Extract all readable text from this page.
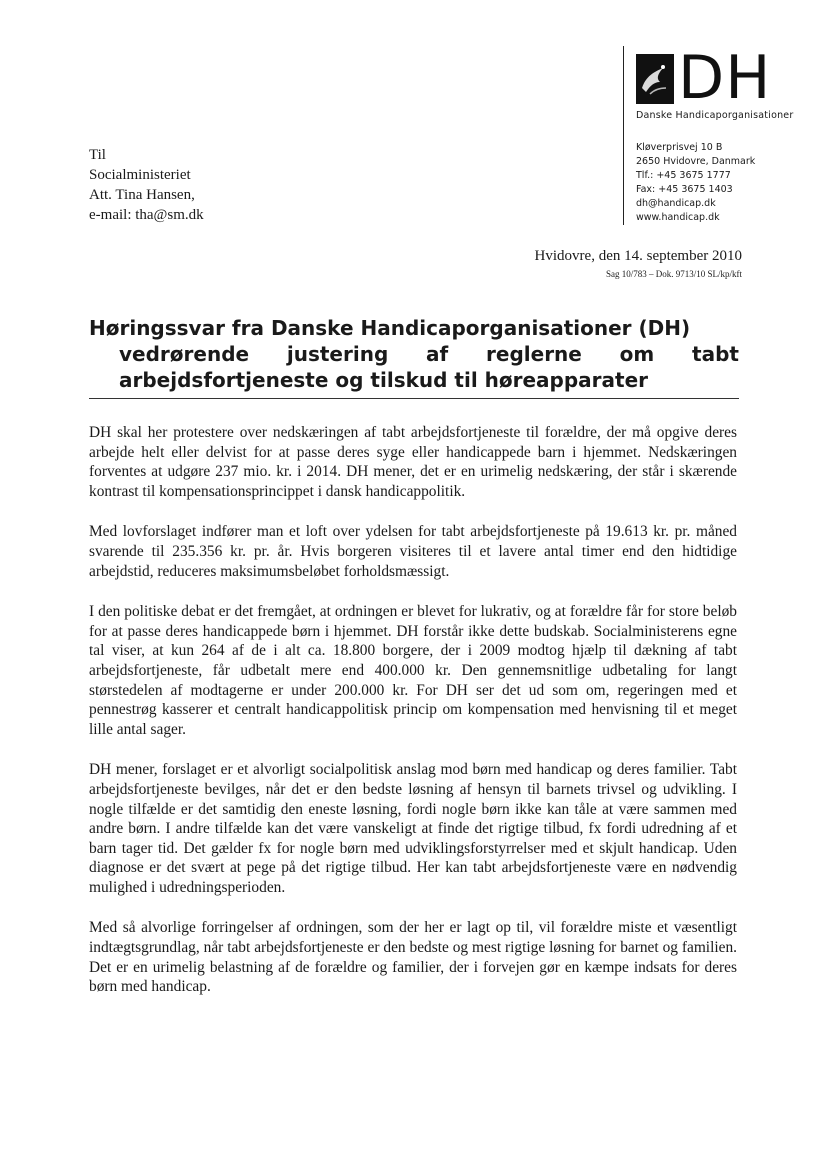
DH
Danske Handicaporganisationer
Kløverprisvej 10 B
2650 Hvidovre, Danmark
Tlf.: +45 3675 1777
Fax: +45 3675 1403
dh@handicap.dk
www.handicap.dk
Til
Socialministeriet
Att. Tina Hansen,
e-mail: tha@sm.dk
Hvidovre, den 14. september 2010
Sag 10/783 – Dok. 9713/10 SL/kp/kft
Høringssvar fra Danske Handicaporganisationer (DH)
vedrørende justering af reglerne om tabt
arbejdsfortjeneste og tilskud til høreapparater

DH skal her protestere over nedskæringen af tabt arbejdsfortjeneste til forældre, der må opgive deres arbejde helt eller delvist for at passe deres syge eller handicappede barn i hjemmet. Nedskæringen forventes at udgøre 237 mio. kr. i 2014. DH mener, det er en urimelig nedskæring, der står i skærende kontrast til kompensationsprincippet i dansk handicappolitik.

Med lovforslaget indfører man et loft over ydelsen for tabt arbejdsfortjeneste på 19.613 kr. pr. måned svarende til 235.356 kr. pr. år. Hvis borgeren visiteres til et lavere antal timer end den hidtidige arbejdstid, reduceres maksimumsbeløbet forholdsmæssigt.

I den politiske debat er det fremgået, at ordningen er blevet for lukrativ, og at forældre får for store beløb for at passe deres handicappede børn i hjemmet. DH forstår ikke dette budskab. Socialministerens egne tal viser, at kun 264 af de i alt ca. 18.800 borgere, der i 2009 modtog hjælp til dækning af tabt arbejdsfortjeneste, får udbetalt mere end 400.000 kr. Den gennemsnitlige udbetaling for langt størstedelen af modtagerne er under 200.000 kr. For DH ser det ud som om, regeringen med et pennestrøg kasserer et centralt handicappolitisk princip om kompensation med henvisning til et meget lille antal sager.

DH mener, forslaget er et alvorligt socialpolitisk anslag mod børn med handicap og deres familier. Tabt arbejdsfortjeneste bevilges, når det er den bedste løsning af hensyn til barnets trivsel og udvikling. I nogle tilfælde er det samtidig den eneste løsning, fordi nogle børn ikke kan tåle at være sammen med andre børn. I andre tilfælde kan det være vanskeligt at finde det rigtige tilbud, fx fordi udredning af et barn tager tid. Det gælder fx for nogle børn med udviklingsforstyrrelser med et skjult handicap. Uden diagnose er det svært at pege på det rigtige tilbud. Her kan tabt arbejdsfortjeneste være en nødvendig mulighed i udredningsperioden.

Med så alvorlige forringelser af ordningen, som der her er lagt op til, vil forældre miste et væsentligt indtægtsgrundlag, når tabt arbejdsfortjeneste er den bedste og mest rigtige løsning for barnet og familien. Det er en urimelig belastning af de forældre og familier, der i forvejen gør en kæmpe indsats for deres børn med handicap.
